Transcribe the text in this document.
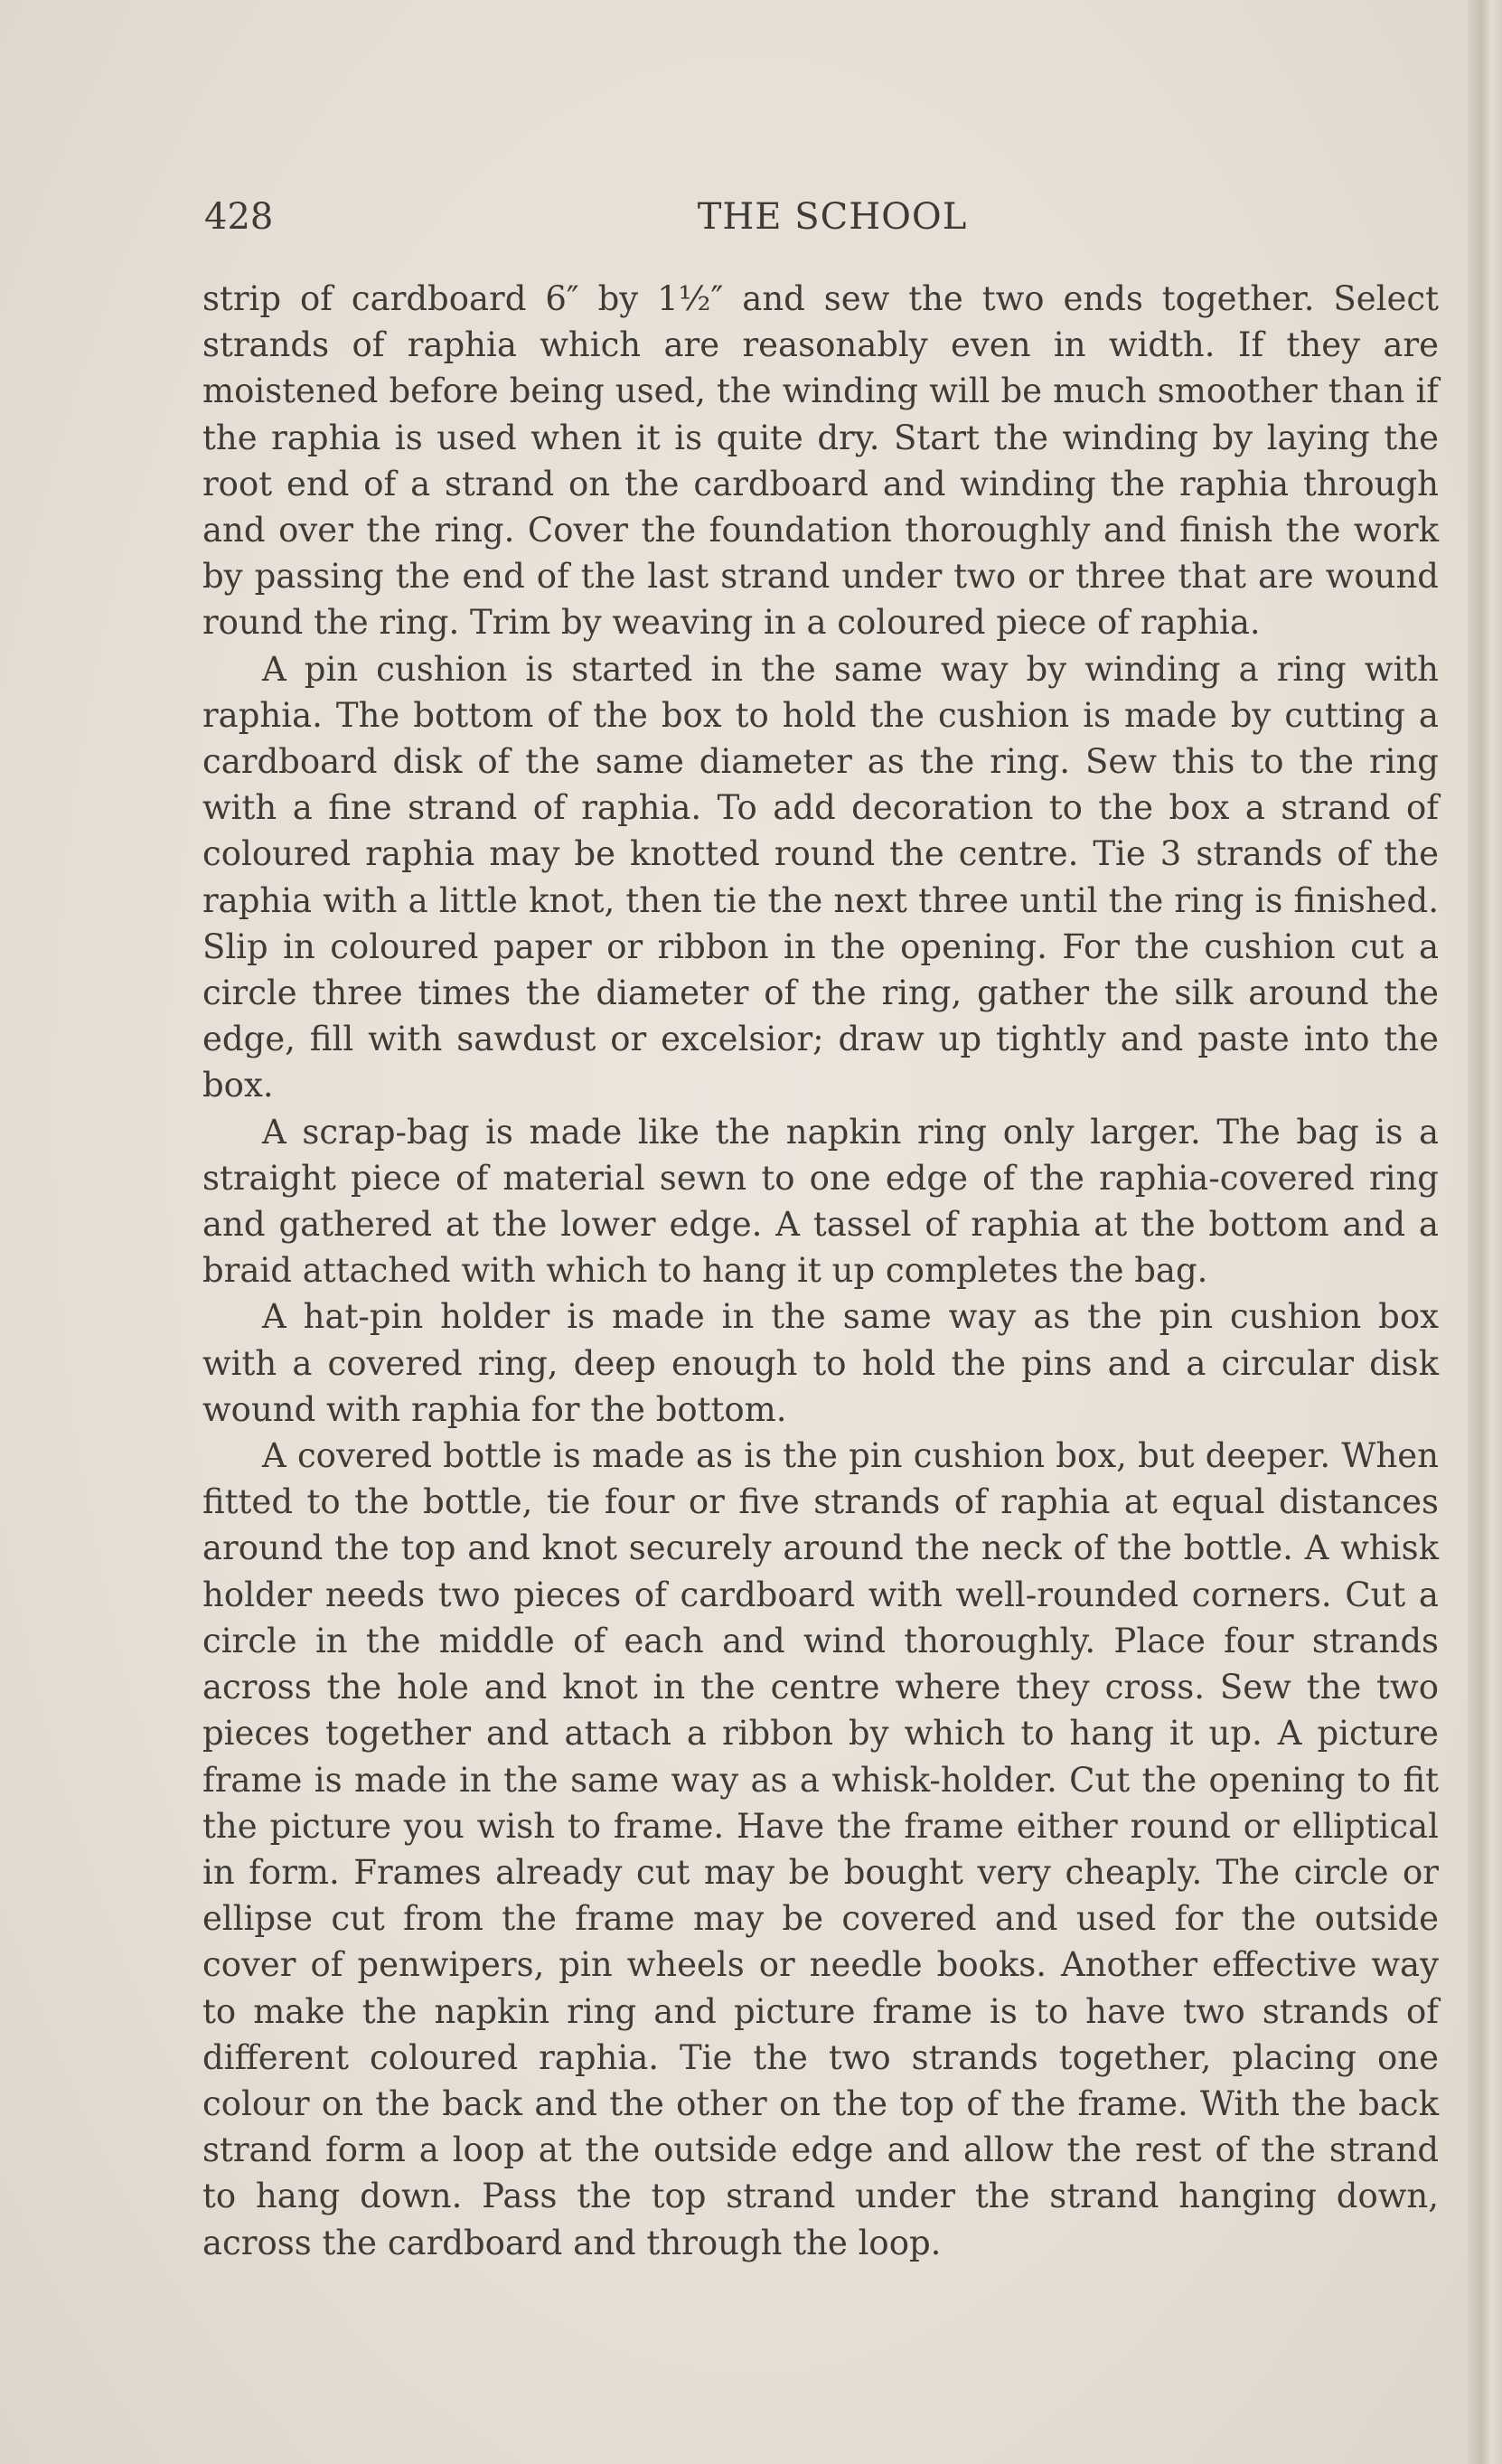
428	THE SCHOOL

strip of cardboard 6″ by 1½″ and sew the two ends together. Select strands of raphia which are reasonably even in width. If they are moistened before being used, the winding will be much smoother than if the raphia is used when it is quite dry. Start the winding by laying the root end of a strand on the cardboard and winding the raphia through and over the ring. Cover the foundation thoroughly and finish the work by passing the end of the last strand under two or three that are wound round the ring. Trim by weaving in a coloured piece of raphia.

A pin cushion is started in the same way by winding a ring with raphia. The bottom of the box to hold the cushion is made by cutting a cardboard disk of the same diameter as the ring. Sew this to the ring with a fine strand of raphia. To add decoration to the box a strand of coloured raphia may be knotted round the centre. Tie 3 strands of the raphia with a little knot, then tie the next three until the ring is finished. Slip in coloured paper or ribbon in the opening. For the cushion cut a circle three times the diameter of the ring, gather the silk around the edge, fill with sawdust or excelsior; draw up tightly and paste into the box.

A scrap-bag is made like the napkin ring only larger. The bag is a straight piece of material sewn to one edge of the raphia-covered ring and gathered at the lower edge. A tassel of raphia at the bottom and a braid attached with which to hang it up completes the bag.

A hat-pin holder is made in the same way as the pin cushion box with a covered ring, deep enough to hold the pins and a circular disk wound with raphia for the bottom.

A covered bottle is made as is the pin cushion box, but deeper. When fitted to the bottle, tie four or five strands of raphia at equal distances around the top and knot securely around the neck of the bottle. A whisk holder needs two pieces of cardboard with well-rounded corners. Cut a circle in the middle of each and wind thoroughly. Place four strands across the hole and knot in the centre where they cross. Sew the two pieces together and attach a ribbon by which to hang it up. A picture frame is made in the same way as a whisk-holder. Cut the opening to fit the picture you wish to frame. Have the frame either round or elliptical in form. Frames already cut may be bought very cheaply. The circle or ellipse cut from the frame may be covered and used for the outside cover of penwipers, pin wheels or needle books. Another effective way to make the napkin ring and picture frame is to have two strands of different coloured raphia. Tie the two strands together, placing one colour on the back and the other on the top of the frame. With the back strand form a loop at the outside edge and allow the rest of the strand to hang down. Pass the top strand under the strand hanging down, across the cardboard and through the loop.
